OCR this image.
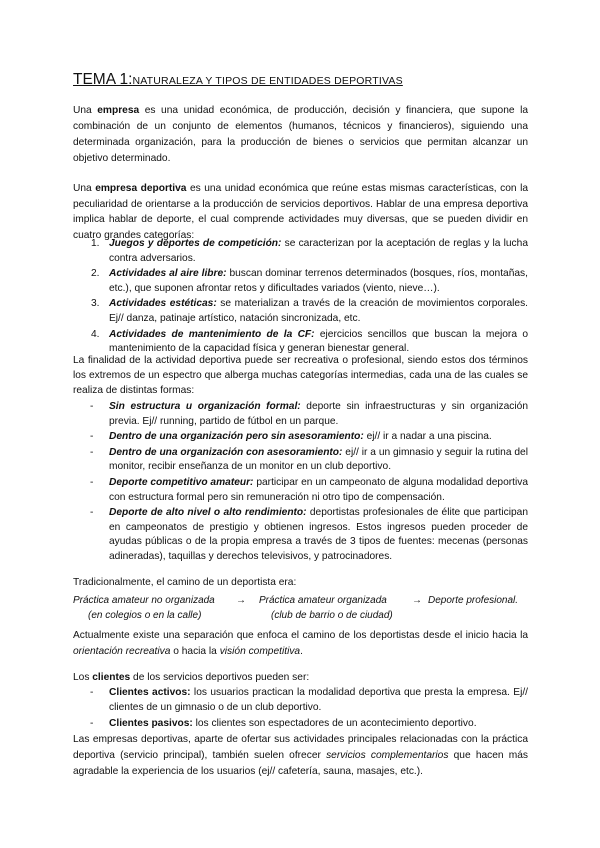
TEMA 1:NATURALEZA Y TIPOS DE ENTIDADES DEPORTIVAS

Una empresa es una unidad económica, de producción, decisión y financiera, que supone la combinación de un conjunto de elementos (humanos, técnicos y financieros), siguiendo una determinada organización, para la producción de bienes o servicios que permitan alcanzar un objetivo determinado.

Una empresa deportiva es una unidad económica que reúne estas mismas características, con la peculiaridad de orientarse a la producción de servicios deportivos. Hablar de una empresa deportiva implica hablar de deporte, el cual comprende actividades muy diversas, que se pueden dividir en cuatro grandes categorías:

1. Juegos y deportes de competición: se caracterizan por la aceptación de reglas y la lucha contra adversarios.
2. Actividades al aire libre: buscan dominar terrenos determinados (bosques, ríos, montañas, etc.), que suponen afrontar retos y dificultades variados (viento, nieve…).
3. Actividades estéticas: se materializan a través de la creación de movimientos corporales. Ej// danza, patinaje artístico, natación sincronizada, etc.
4. Actividades de mantenimiento de la CF: ejercicios sencillos que buscan la mejora o mantenimiento de la capacidad física y generan bienestar general.

La finalidad de la actividad deportiva puede ser recreativa o profesional, siendo estos dos términos los extremos de un espectro que alberga muchas categorías intermedias, cada una de las cuales se realiza de distintas formas:

- Sin estructura u organización formal: deporte sin infraestructuras y sin organización previa. Ej// running, partido de fútbol en un parque.
- Dentro de una organización pero sin asesoramiento: ej// ir a nadar a una piscina.
- Dentro de una organización con asesoramiento: ej// ir a un gimnasio y seguir la rutina del monitor, recibir enseñanza de un monitor en un club deportivo.
- Deporte competitivo amateur: participar en un campeonato de alguna modalidad deportiva con estructura formal pero sin remuneración ni otro tipo de compensación.
- Deporte de alto nivel o alto rendimiento: deportistas profesionales de élite que participan en campeonatos de prestigio y obtienen ingresos. Estos ingresos pueden proceder de ayudas públicas o de la propia empresa a través de 3 tipos de fuentes: mecenas (personas adineradas), taquillas y derechos televisivos, y patrocinadores.

Tradicionalmente, el camino de un deportista era:

Práctica amateur no organizada → Práctica amateur organizada	→ Deporte profesional.
(en colegios o en la calle)	(club de barrio o de ciudad)

Actualmente existe una separación que enfoca el camino de los deportistas desde el inicio hacia la orientación recreativa o hacia la visión competitiva.

Los clientes de los servicios deportivos pueden ser:

- Clientes activos: los usuarios practican la modalidad deportiva que presta la empresa. Ej// clientes de un gimnasio o de un club deportivo.
- Clientes pasivos: los clientes son espectadores de un acontecimiento deportivo.

Las empresas deportivas, aparte de ofertar sus actividades principales relacionadas con la práctica deportiva (servicio principal), también suelen ofrecer servicios complementarios que hacen más agradable la experiencia de los usuarios (ej// cafetería, sauna, masajes, etc.).
